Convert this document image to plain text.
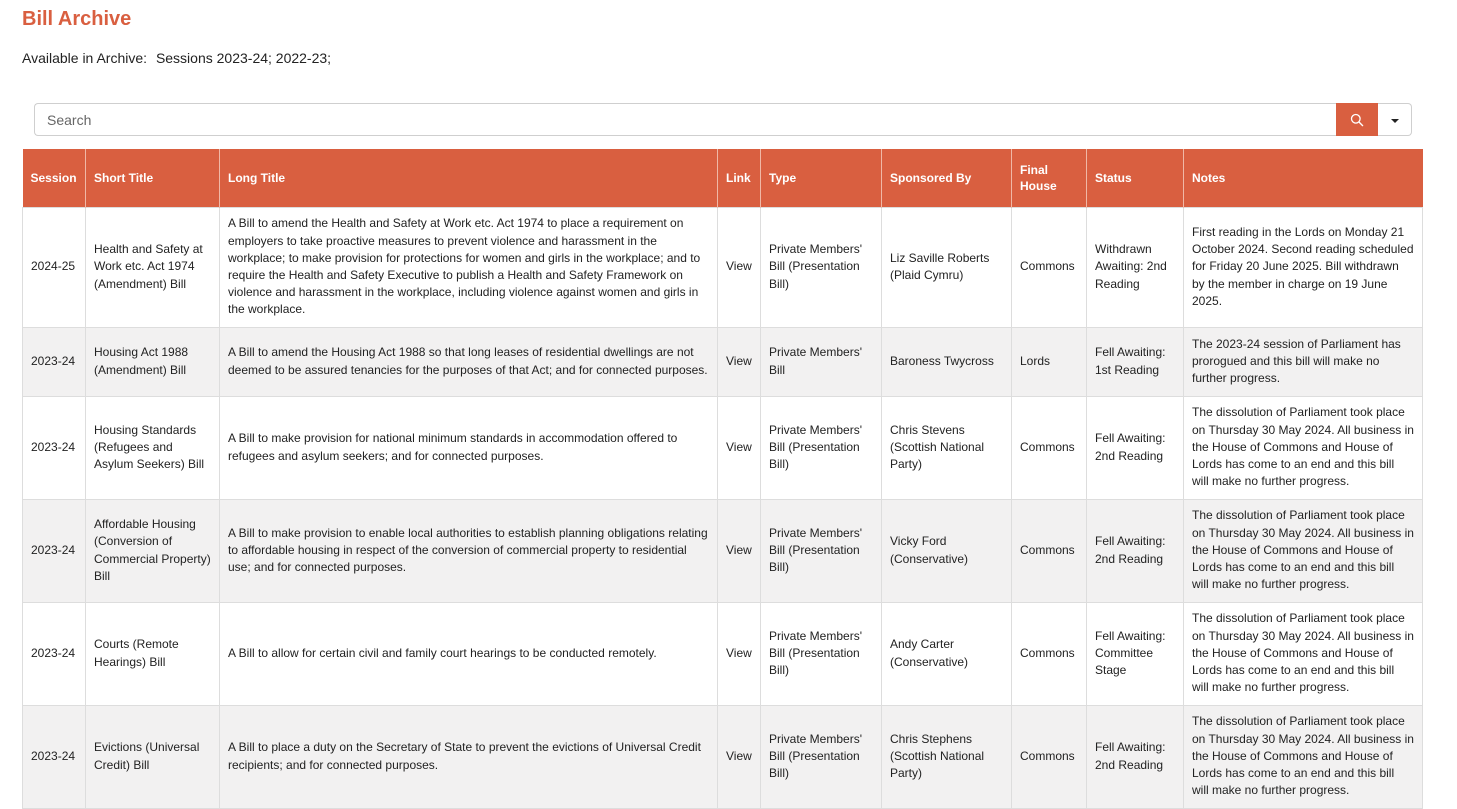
Bill Archive
Available in Archive: Sessions 2023-24; 2022-23;
Search
Session	Short Title	Long Title	Link	Type	Sponsored By	Final House	Status	Notes
2024-25	Health and Safety at Work etc. Act 1974 (Amendment) Bill	A Bill to amend the Health and Safety at Work etc. Act 1974 to place a requirement on employers to take proactive measures to prevent violence and harassment in the workplace; to make provision for protections for women and girls in the workplace; and to require the Health and Safety Executive to publish a Health and Safety Framework on violence and harassment in the workplace, including violence against women and girls in the workplace.	View	Private Members' Bill (Presentation Bill)	Liz Saville Roberts (Plaid Cymru)	Commons	Withdrawn Awaiting: 2nd Reading	First reading in the Lords on Monday 21 October 2024. Second reading scheduled for Friday 20 June 2025. Bill withdrawn by the member in charge on 19 June 2025.
2023-24	Housing Act 1988 (Amendment) Bill	A Bill to amend the Housing Act 1988 so that long leases of residential dwellings are not deemed to be assured tenancies for the purposes of that Act; and for connected purposes.	View	Private Members' Bill	Baroness Twycross	Lords	Fell Awaiting: 1st Reading	The 2023-24 session of Parliament has prorogued and this bill will make no further progress.
2023-24	Housing Standards (Refugees and Asylum Seekers) Bill	A Bill to make provision for national minimum standards in accommodation offered to refugees and asylum seekers; and for connected purposes.	View	Private Members' Bill (Presentation Bill)	Chris Stevens (Scottish National Party)	Commons	Fell Awaiting: 2nd Reading	The dissolution of Parliament took place on Thursday 30 May 2024. All business in the House of Commons and House of Lords has come to an end and this bill will make no further progress.
2023-24	Affordable Housing (Conversion of Commercial Property) Bill	A Bill to make provision to enable local authorities to establish planning obligations relating to affordable housing in respect of the conversion of commercial property to residential use; and for connected purposes.	View	Private Members' Bill (Presentation Bill)	Vicky Ford (Conservative)	Commons	Fell Awaiting: 2nd Reading	The dissolution of Parliament took place on Thursday 30 May 2024. All business in the House of Commons and House of Lords has come to an end and this bill will make no further progress.
2023-24	Courts (Remote Hearings) Bill	A Bill to allow for certain civil and family court hearings to be conducted remotely.	View	Private Members' Bill (Presentation Bill)	Andy Carter (Conservative)	Commons	Fell Awaiting: Committee Stage	The dissolution of Parliament took place on Thursday 30 May 2024. All business in the House of Commons and House of Lords has come to an end and this bill will make no further progress.
2023-24	Evictions (Universal Credit) Bill	A Bill to place a duty on the Secretary of State to prevent the evictions of Universal Credit recipients; and for connected purposes.	View	Private Members' Bill (Presentation Bill)	Chris Stephens (Scottish National Party)	Commons	Fell Awaiting: 2nd Reading	The dissolution of Parliament took place on Thursday 30 May 2024. All business in the House of Commons and House of Lords has come to an end and this bill will make no further progress.
